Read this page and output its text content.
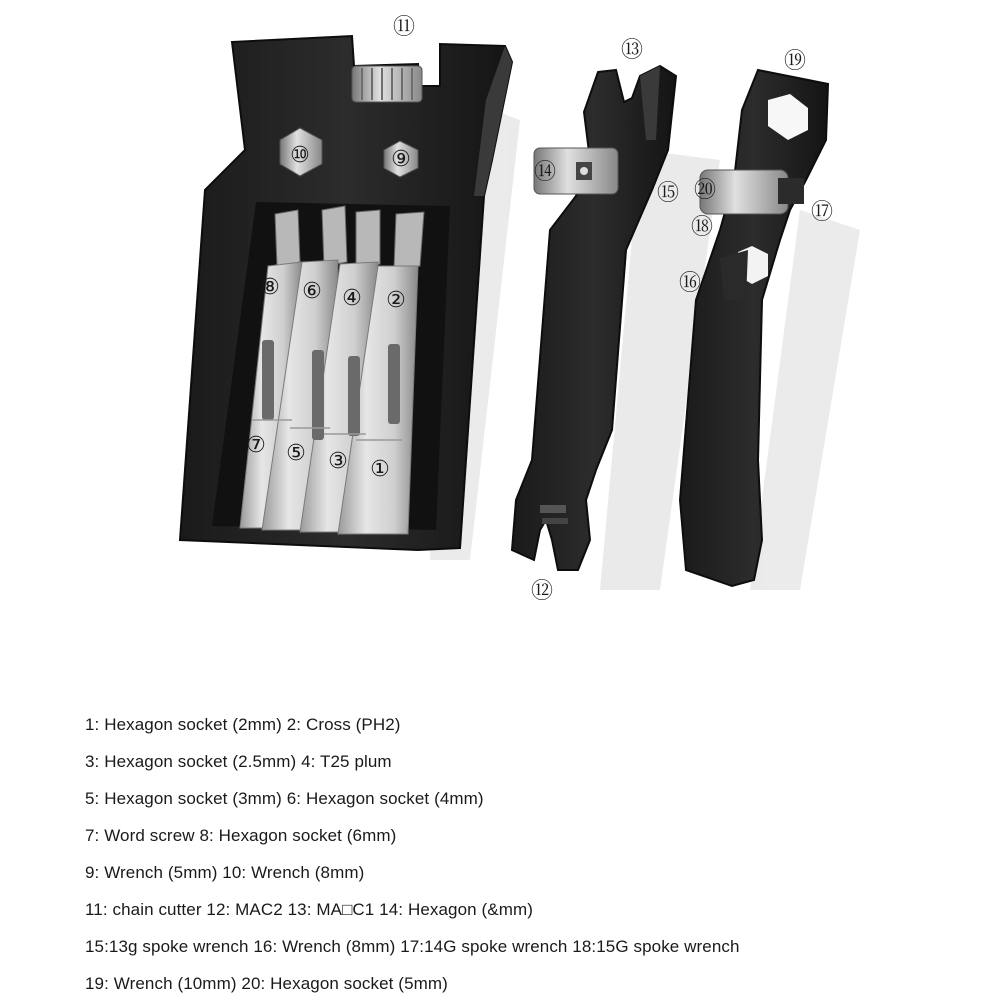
①
②
③
④
⑤
⑥
⑦
⑧
⑨
⑩
⑪
⑫
⑬
⑭
⑮
⑯
⑰
⑱
⑲
⑳
1: Hexagon socket (2mm) 2: Cross (PH2)
3: Hexagon socket (2.5mm) 4: T25 plum
5: Hexagon socket (3mm) 6: Hexagon socket (4mm)
7: Word screw 8: Hexagon socket (6mm)
9: Wrench (5mm) 10: Wrench (8mm)
11: chain cutter 12: MAC2 13: MA□C1 14: Hexagon (&mm)
15:13g spoke wrench 16: Wrench (8mm) 17:14G spoke wrench 18:15G spoke wrench
19: Wrench (10mm) 20: Hexagon socket (5mm)
